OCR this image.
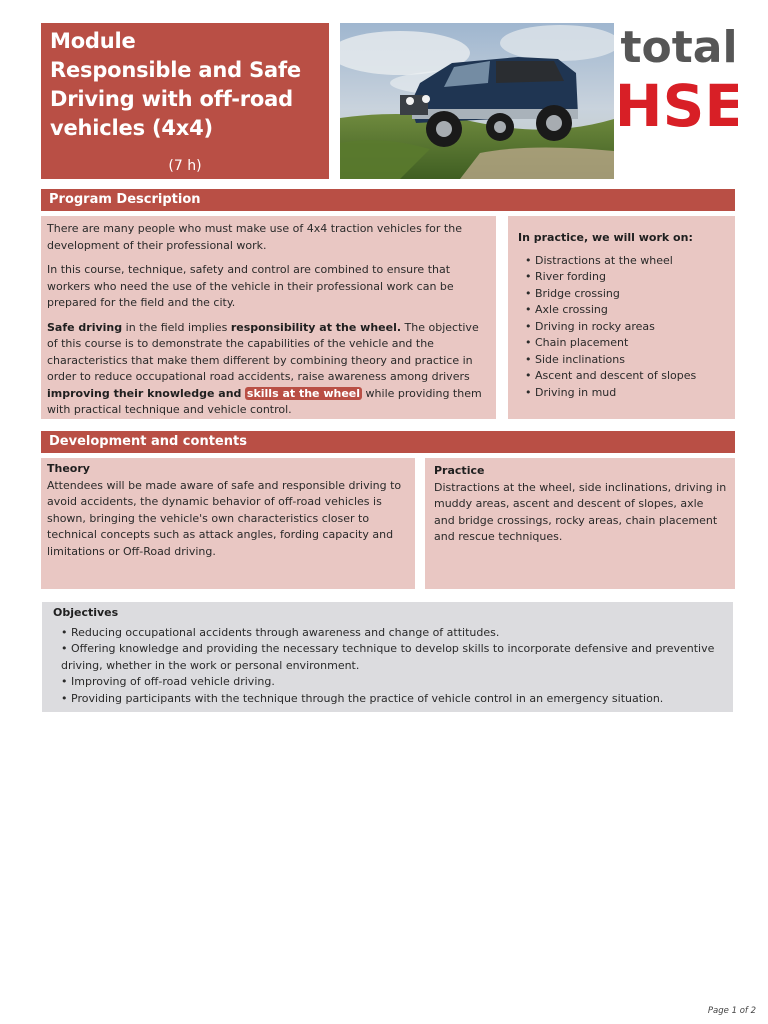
Module
Responsible and Safe
Driving with off-road
vehicles (4x4)
(7 h)
total
HSE
Program Description

There are many people who must make use of 4x4 traction vehicles for the development of their professional work.

In this course, technique, safety and control are combined to ensure that workers who need the use of the vehicle in their professional work can be prepared for the field and the city.

Safe driving in the field implies responsibility at the wheel. The objective of this course is to demonstrate the capabilities of the vehicle and the characteristics that make them different by combining theory and practice in order to reduce occupational road accidents, raise awareness among drivers improving their knowledge and skills at the wheel while providing them with practical technique and vehicle control.

In practice, we will work on:
• Distractions at the wheel
• River fording
• Bridge crossing
• Axle crossing
• Driving in rocky areas
• Chain placement
• Side inclinations
• Ascent and descent of slopes
• Driving in mud
Development and contents
Theory
Attendees will be made aware of safe and responsible driving to avoid accidents, the dynamic behavior of off-road vehicles is shown, bringing the vehicle's own characteristics closer to technical concepts such as attack angles, fording capacity and limitations or Off-Road driving.
Practice
Distractions at the wheel, side inclinations, driving in muddy areas, ascent and descent of slopes, axle and bridge crossings, rocky areas, chain placement and rescue techniques.
Objectives
• Reducing occupational accidents through awareness and change of attitudes.
• Offering knowledge and providing the necessary technique to develop skills to incorporate defensive and preventive driving, whether in the work or personal environment.
• Improving of off-road vehicle driving.
• Providing participants with the technique through the practice of vehicle control in an emergency situation.
Page 1 of 2
